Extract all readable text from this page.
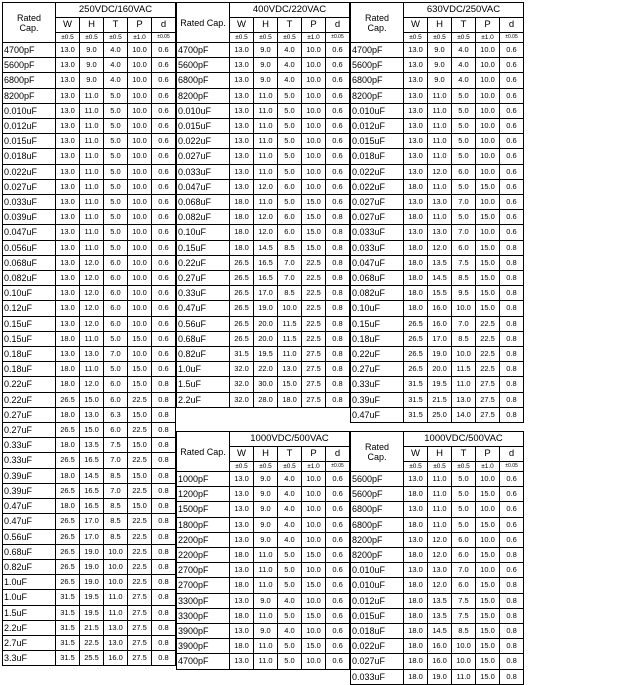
Rated
Cap.	250VDC/160VAC				
	W	H	T	P	d
	±0.5	±0.5	±0.5	±1.0	±0.05
4700pF	13.0	9.0	4.0	10.0	0.6
5600pF	13.0	9.0	4.0	10.0	0.6
6800pF	13.0	9.0	4.0	10.0	0.6
8200pF	13.0	11.0	5.0	10.0	0.6
0.010uF	13.0	11.0	5.0	10.0	0.6
0.012uF	13.0	11.0	5.0	10.0	0.6
0.015uF	13.0	11.0	5.0	10.0	0.6
0.018uF	13.0	11.0	5.0	10.0	0.6
0.022uF	13.0	11.0	5.0	10.0	0.6
0.027uF	13.0	11.0	5.0	10.0	0.6
0.033uF	13.0	11.0	5.0	10.0	0.6
0.039uF	13.0	11.0	5.0	10.0	0.6
0.047uF	13.0	11.0	5.0	10.0	0.6
0.056uF	13.0	11.0	5.0	10.0	0.6
0.068uF	13.0	12.0	6.0	10.0	0.6
0.082uF	13.0	12.0	6.0	10.0	0.6
0.10uF	13.0	12.0	6.0	10.0	0.6
0.12uF	13.0	12.0	6.0	10.0	0.6
0.15uF	13.0	12.0	6.0	10.0	0.6
0.15uF	18.0	11.0	5.0	15.0	0.6
0.18uF	13.0	13.0	7.0	10.0	0.6
0.18uF	18.0	11.0	5.0	15.0	0.6
0.22uF	18.0	12.0	6.0	15.0	0.8
0.22uF	26.5	15.0	6.0	22.5	0.8
0.27uF	18.0	13.0	6.3	15.0	0.8
0.27uF	26.5	15.0	6.0	22.5	0.8
0.33uF	18.0	13.5	7.5	15.0	0.8
0.33uF	26.5	16.5	7.0	22.5	0.8
0.39uF	18.0	14.5	8.5	15.0	0.8
0.39uF	26.5	16.5	7.0	22.5	0.8
0.47uF	18.0	16.5	8.5	15.0	0.8
0.47uF	26.5	17.0	8.5	22.5	0.8
0.56uF	26.5	17.0	8.5	22.5	0.8
0.68uF	26.5	19.0	10.0	22.5	0.8
0.82uF	26.5	19.0	10.0	22.5	0.8
1.0uF	26.5	19.0	10.0	22.5	0.8
1.0uF	31.5	19.5	11.0	27.5	0.8
1.5uF	31.5	19.5	11.0	27.5	0.8
2.2uF	31.5	21.5	13.0	27.5	0.8
2.7uF	31.5	22.5	13.0	27.5	0.8
3.3uF	31.5	25.5	16.0	27.5	0.8
Rated Cap.	400VDC/220VAC				
	W	H	T	P	d
	±0.5	±0.5	±0.5	±1.0	±0.05
4700pF	13.0	9.0	4.0	10.0	0.6
5600pF	13.0	9.0	4.0	10.0	0.6
6800pF	13.0	9.0	4.0	10.0	0.6
8200pF	13.0	11.0	5.0	10.0	0.6
0.010uF	13.0	11.0	5.0	10.0	0.6
0.015uF	13.0	11.0	5.0	10.0	0.6
0.022uF	13.0	11.0	5.0	10.0	0.6
0.027uF	13.0	11.0	5.0	10.0	0.6
0.033uF	13.0	11.0	5.0	10.0	0.6
0.047uF	13.0	12.0	6.0	10.0	0.6
0.068uF	18.0	11.0	5.0	15.0	0.6
0.082uF	18.0	12.0	6.0	15.0	0.8
0.10uF	18.0	12.0	6.0	15.0	0.8
0.15uF	18.0	14.5	8.5	15.0	0.8
0.22uF	26.5	16.5	7.0	22.5	0.8
0.27uF	26.5	16.5	7.0	22.5	0.8
0.33uF	26.5	17.0	8.5	22.5	0.8
0.47uF	26.5	19.0	10.0	22.5	0.8
0.56uF	26.5	20.0	11.5	22.5	0.8
0.68uF	26.5	20.0	11.5	22.5	0.8
0.82uF	31.5	19.5	11.0	27.5	0.8
1.0uF	32.0	22.0	13.0	27.5	0.8
1.5uF	32.0	30.0	15.0	27.5	0.8
2.2uF	32.0	28.0	18.0	27.5	0.8
Rated
Cap.	630VDC/250VAC				
	W	H	T	P	d
	±0.5	±0.5	±0.5	±1.0	±0.05
4700pF	13.0	9.0	4.0	10.0	0.6
5600pF	13.0	9.0	4.0	10.0	0.6
6800pF	13.0	9.0	4.0	10.0	0.6
8200pF	13.0	11.0	5.0	10.0	0.6
0.010uF	13.0	11.0	5.0	10.0	0.6
0.012uF	13.0	11.0	5.0	10.0	0.6
0.015uF	13.0	11.0	5.0	10.0	0.6
0.018uF	13.0	11.0	5.0	10.0	0.6
0.022uF	13.0	12.0	6.0	10.0	0.6
0.022uF	18.0	11.0	5.0	15.0	0.6
0.027uF	13.0	13.0	7.0	10.0	0.6
0.027uF	18.0	11.0	5.0	15.0	0.6
0.033uF	13.0	13.0	7.0	10.0	0.6
0.033uF	18.0	12.0	6.0	15.0	0.8
0.047uF	18.0	13.5	7.5	15.0	0.8
0.068uF	18.0	14.5	8.5	15.0	0.8
0.082uF	18.0	15.5	9.5	15.0	0.8
0.10uF	18.0	16.0	10.0	15.0	0.8
0.15uF	26.5	16.0	7.0	22.5	0.8
0.18uF	26.5	17.0	8.5	22.5	0.8
0.22uF	26.5	19.0	10.0	22.5	0.8
0.27uF	26.5	20.0	11.5	22.5	0.8
0.33uF	31.5	19.5	11.0	27.5	0.8
0.39uF	31.5	21.5	13.0	27.5	0.8
0.47uF	31.5	25.0	14.0	27.5	0.8
Rated Cap.	1000VDC/500VAC				
	W	H	T	P	d
	±0.5	±0.5	±0.5	±1.0	±0.05
1000pF	13.0	9.0	4.0	10.0	0.6
1200pF	13.0	9.0	4.0	10.0	0.6
1500pF	13.0	9.0	4.0	10.0	0.6
1800pF	13.0	9.0	4.0	10.0	0.6
2200pF	13.0	9.0	4.0	10.0	0.6
2200pF	18.0	11.0	5.0	15.0	0.6
2700pF	13.0	11.0	5.0	10.0	0.6
2700pF	18.0	11.0	5.0	15.0	0.6
3300pF	13.0	9.0	4.0	10.0	0.6
3300pF	18.0	11.0	5.0	15.0	0.6
3900pF	13.0	9.0	4.0	10.0	0.6
3900pF	18.0	11.0	5.0	15.0	0.6
4700pF	13.0	11.0	5.0	10.0	0.6
Rated
Cap.	1000VDC/500VAC				
	W	H	T	P	d
	±0.5	±0.5	±0.5	±1.0	±0.05
5600pF	13.0	11.0	5.0	10.0	0.6
5600pF	18.0	11.0	5.0	15.0	0.6
6800pF	13.0	11.0	5.0	10.0	0.6
6800pF	18.0	11.0	5.0	15.0	0.6
8200pF	13.0	12.0	6.0	10.0	0.6
8200pF	18.0	12.0	6.0	15.0	0.8
0.010uF	13.0	13.0	7.0	10.0	0.6
0.010uF	18.0	12.0	6.0	15.0	0.8
0.012uF	18.0	13.5	7.5	15.0	0.8
0.015uF	18.0	13.5	7.5	15.0	0.8
0.018uF	18.0	14.5	8.5	15.0	0.8
0.022uF	18.0	16.0	10.0	15.0	0.8
0.027uF	18.0	16.0	10.0	15.0	0.8
0.033uF	18.0	19.0	11.0	15.0	0.8
